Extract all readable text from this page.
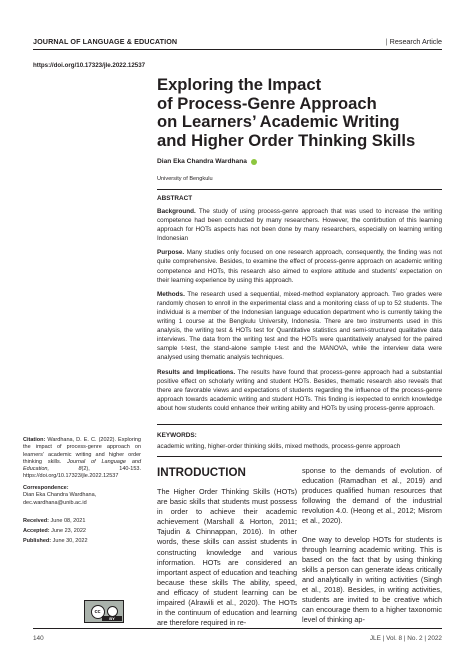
JOURNAL OF LANGUAGE & EDUCATION	| Research Article
https://doi.org/10.17323/jle.2022.12537
Exploring the Impact
of Process-Genre Approach
on Learners’ Academic Writing
and Higher Order Thinking Skills
Dian Eka Chandra Wardhana
University of Bengkulu
ABSTRACT

Background. The study of using process-genre approach that was used to increase the writing competence had been conducted by many researchers. However, the contirbution of this learning approach for HOTs aspects has not been done by many researchers, especially on learning writing Indonesian

Purpose. Many studies only focused on one research approach, consequently, the finding was not quite comprehensive. Besides, to examine the effect of process-genre approach on academic writing competence and HOTs, this research also aimed to explore attitude and students’ expectation on their learning experience by using this approach.

Methods. The research used a sequential, mixed-method explanatory approach. Two grades were randomly chosen to enroll in the experimental class and a monitoring class of up to 52 students. The individual is a member of the Indonesian language education department who is currently taking the writing 1 course at the Bengkulu University, Indonesia. There are two instruments used in this analysis, the writing test & HOTs test for Quantitative statistics and semi-structured qualitative data interviews. The data from the writing test and the HOTs were quantitatively analysed for the paired sample t-test, the stand-alone sample t-test and the MANOVA, while the interview data were analysed using thematic analysis techniques.

Results and Implications. The results have found that process-genre approach had a substantial positive effect on scholarly writing and student HOTs. Besides, thematic research also reveals that there are favorable views and expectations of students regarding the influence of the process-genre approach towards academic writing and student HOTs. This finding is iexpected to enrich knowledge about how students could enhance their writing ability and HOTs by using process-genre approach.

KEYWORDS:
academic writing, higher-order thinking skills, mixed methods, process-genre approach
Citation: Wardhana, D. E. C. (2022). Exploring the impact of process-genre approach on learners’ academic writing and higher order thinking skills. Journal of Language and Education, 8(2), 140-153. https://doi.org/10.17323/jle.2022.12537
Correspondence:
Dian Eka Chandra Wardhana,
dec.wardhana@unib.ac.id
Received: June 08, 2021
Accepted: June 23, 2022
Published: June 30, 2022
cc
BY
INTRODUCTION

The Higher Order Thinking Skills (HOTs) are basic skills that students must possess in order to achieve their academic achievement (Marshall & Horton, 2011; Tajudin & Chinnappan, 2016). In other words, these skills can assist students in constructing knowledge and various information. HOTs are considered an important aspect of education and teaching because these skills The ability, speed, and efficacy of student learning can be impaired (Alrawili et al., 2020). The HOTs in the continuum of education and learning are therefore required in re-

sponse to the demands of evolution. of education (Ramadhan et al., 2019) and produces qualified human resources that following the demand of the industrial revolution 4.0. (Heong et al., 2012; Misrom et al., 2020).

One way to develop HOTs for students is through learning academic writing. This is based on the fact that by using thinking skills a person can generate ideas critically and analytically in writing activities (Singh et al., 2018). Besides, in writing activities, students are invited to be creative which can encourage them to a higher taxonomic level of thinking ap-

140	JLE | Vol. 8 | No. 2 | 2022
